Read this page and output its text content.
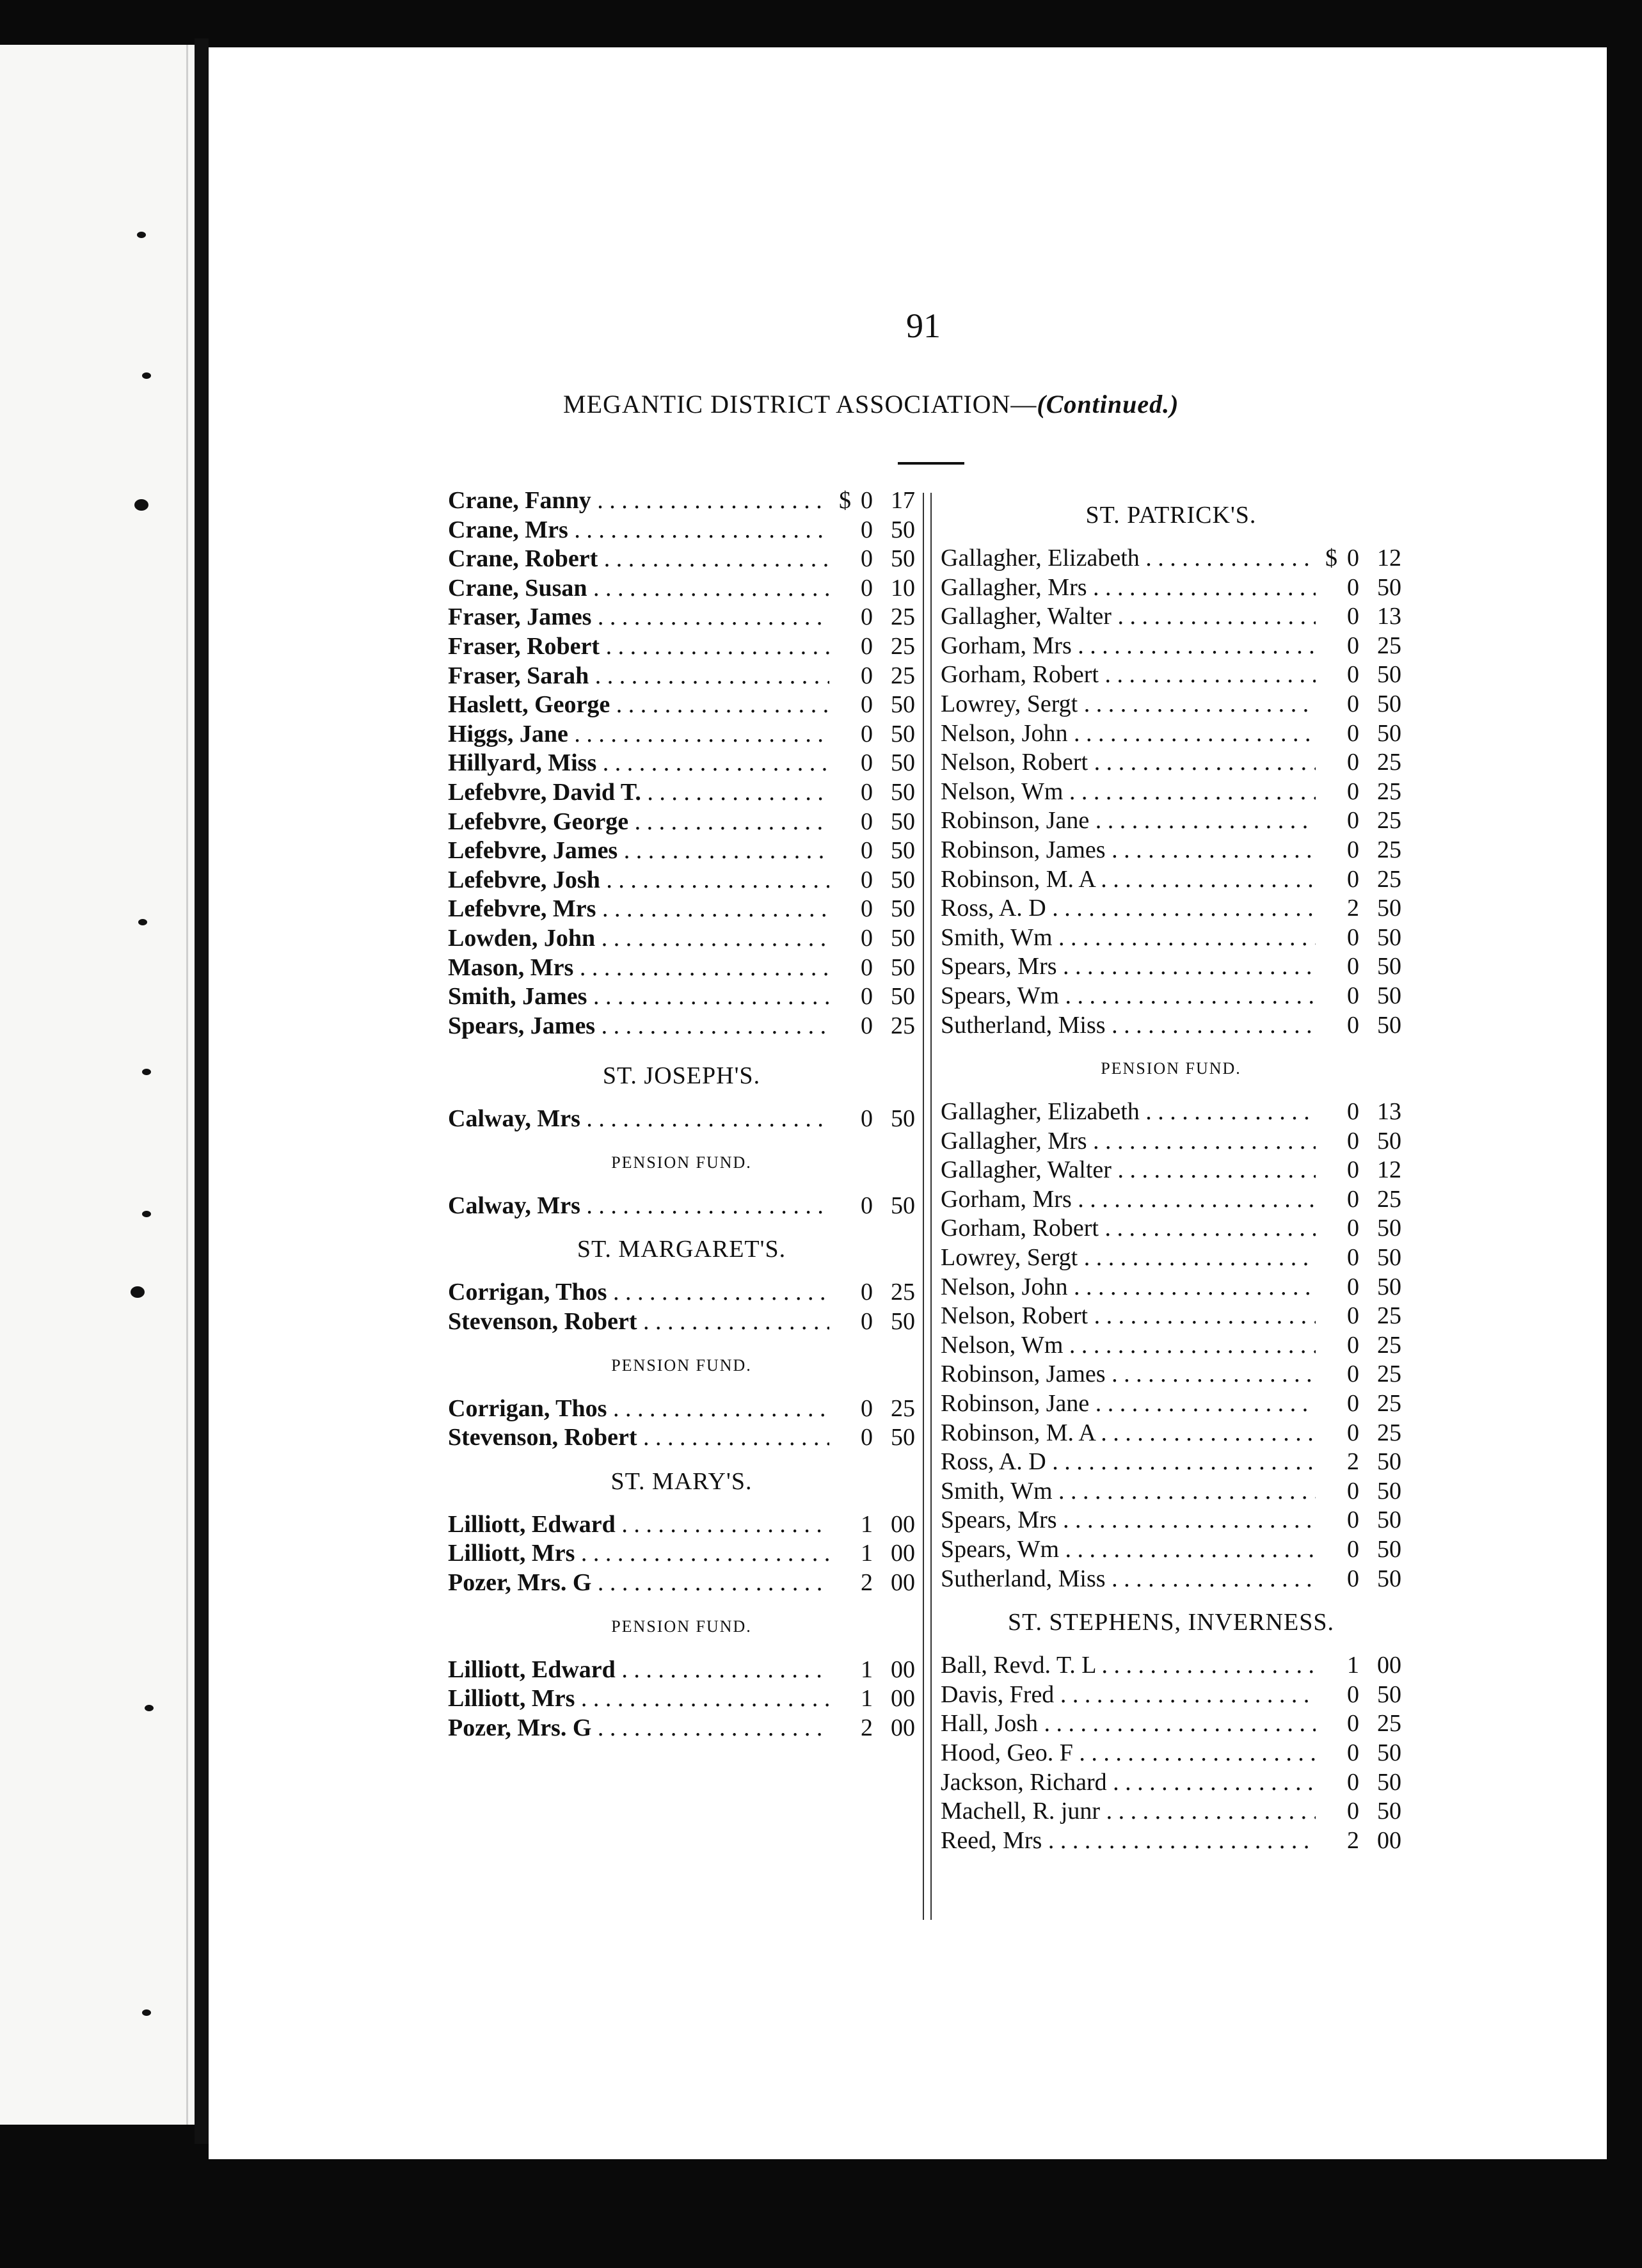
91
MEGANTIC DISTRICT ASSOCIATION—(Continued.)
Crane, Fanny . . .	$ 0 17
Crane, Mrs . . .	0 50
Crane, Robert . . .	0 50
Crane, Susan . . .	0 10
Fraser, James . . .	0 25
Fraser, Robert . . .	0 25
Fraser, Sarah . . .	0 25
Haslett, George . . .	0 50
Higgs, Jane . . .	0 50
Hillyard, Miss . . .	0 50
Lefebvre, David T. . . .	0 50
Lefebvre, George . . .	0 50
Lefebvre, James . . .	0 50
Lefebvre, Josh . . .	0 50
Lefebvre, Mrs . . .	0 50
Lowden, John . . .	0 50
Mason, Mrs . . .	0 50
Smith, James . . .	0 50
Spears, James . . .	0 25
ST. JOSEPH'S.
Calway, Mrs . . .	0 50
PENSION FUND.
Calway, Mrs . . .	0 50
ST. MARGARET'S.
Corrigan, Thos . . .	0 25
Stevenson, Robert . . .	0 50
PENSION FUND.
Corrigan, Thos . . .	0 25
Stevenson, Robert . . .	0 50
ST. MARY'S.
Lilliott, Edward . . .	1 00
Lilliott, Mrs . . .	1 00
Pozer, Mrs. G . . .	2 00
PENSION FUND.
Lilliott, Edward . . .	1 00
Lilliott, Mrs . . .	1 00
Pozer, Mrs. G . . .	2 00
ST. PATRICK'S.
Gallagher, Elizabeth . . .	$ 0 12
Gallagher, Mrs . . .	0 50
Gallagher, Walter . . .	0 13
Gorham, Mrs . . .	0 25
Gorham, Robert . . .	0 50
Lowrey, Sergt . . .	0 50
Nelson, John . . .	0 50
Nelson, Robert . . .	0 25
Nelson, Wm . . .	0 25
Robinson, Jane . . .	0 25
Robinson, James . . .	0 25
Robinson, M. A . . .	0 25
Ross, A. D . . .	2 50
Smith, Wm . . .	0 50
Spears, Mrs . . .	0 50
Spears, Wm . . .	0 50
Sutherland, Miss . . .	0 50
PENSION FUND.
Gallagher, Elizabeth . . .	0 13
Gallagher, Mrs . . .	0 50
Gallagher, Walter . . .	0 12
Gorham, Mrs . . .	0 25
Gorham, Robert . . .	0 50
Lowrey, Sergt . . .	0 50
Nelson, John . . .	0 50
Nelson, Robert . . .	0 25
Nelson, Wm . . .	0 25
Robinson, James . . .	0 25
Robinson, Jane . . .	0 25
Robinson, M. A . . .	0 25
Ross, A. D . . .	2 50
Smith, Wm . . .	0 50
Spears, Mrs . . .	0 50
Spears, Wm . . .	0 50
Sutherland, Miss . . .	0 50
ST. STEPHENS, INVERNESS.
Ball, Revd. T. L . . .	1 00
Davis, Fred . . .	0 50
Hall, Josh . . .	0 25
Hood, Geo. F . . .	0 50
Jackson, Richard . . .	0 50
Machell, R. junr . . .	0 50
Reed, Mrs . . .	2 00
